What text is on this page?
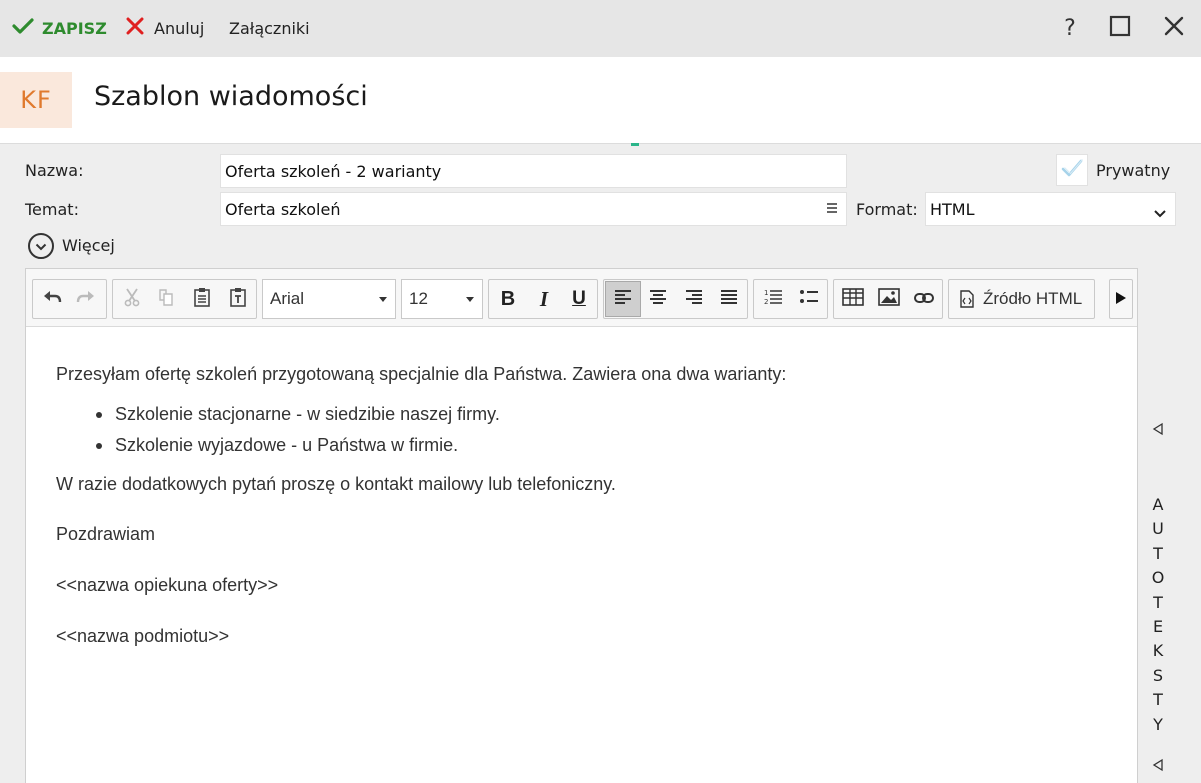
ZAPISZ	Anuluj Załączniki	?
KF Szablon wiadomości
Nazwa:	Oferta szkoleń - 2 warianty	Prywatny
Temat:	Oferta szkoleń	Format: HTML
Więcej
Arial	12	B I U	1
2	Źródło HTML

Przesyłam ofertę szkoleń przygotowaną specjalnie dla Państwa. Zawiera ona dwa warianty:

Szkolenie stacjonarne - w siedzibie naszej firmy.
Szkolenie wyjazdowe - u Państwa w firmie.

W razie dodatkowych pytań proszę o kontakt mailowy lub telefoniczny.

Pozdrawiam

<<nazwa opiekuna oferty>>

<<nazwa podmiotu>>

A
U
T
O
T
E
K
S
T
Y
